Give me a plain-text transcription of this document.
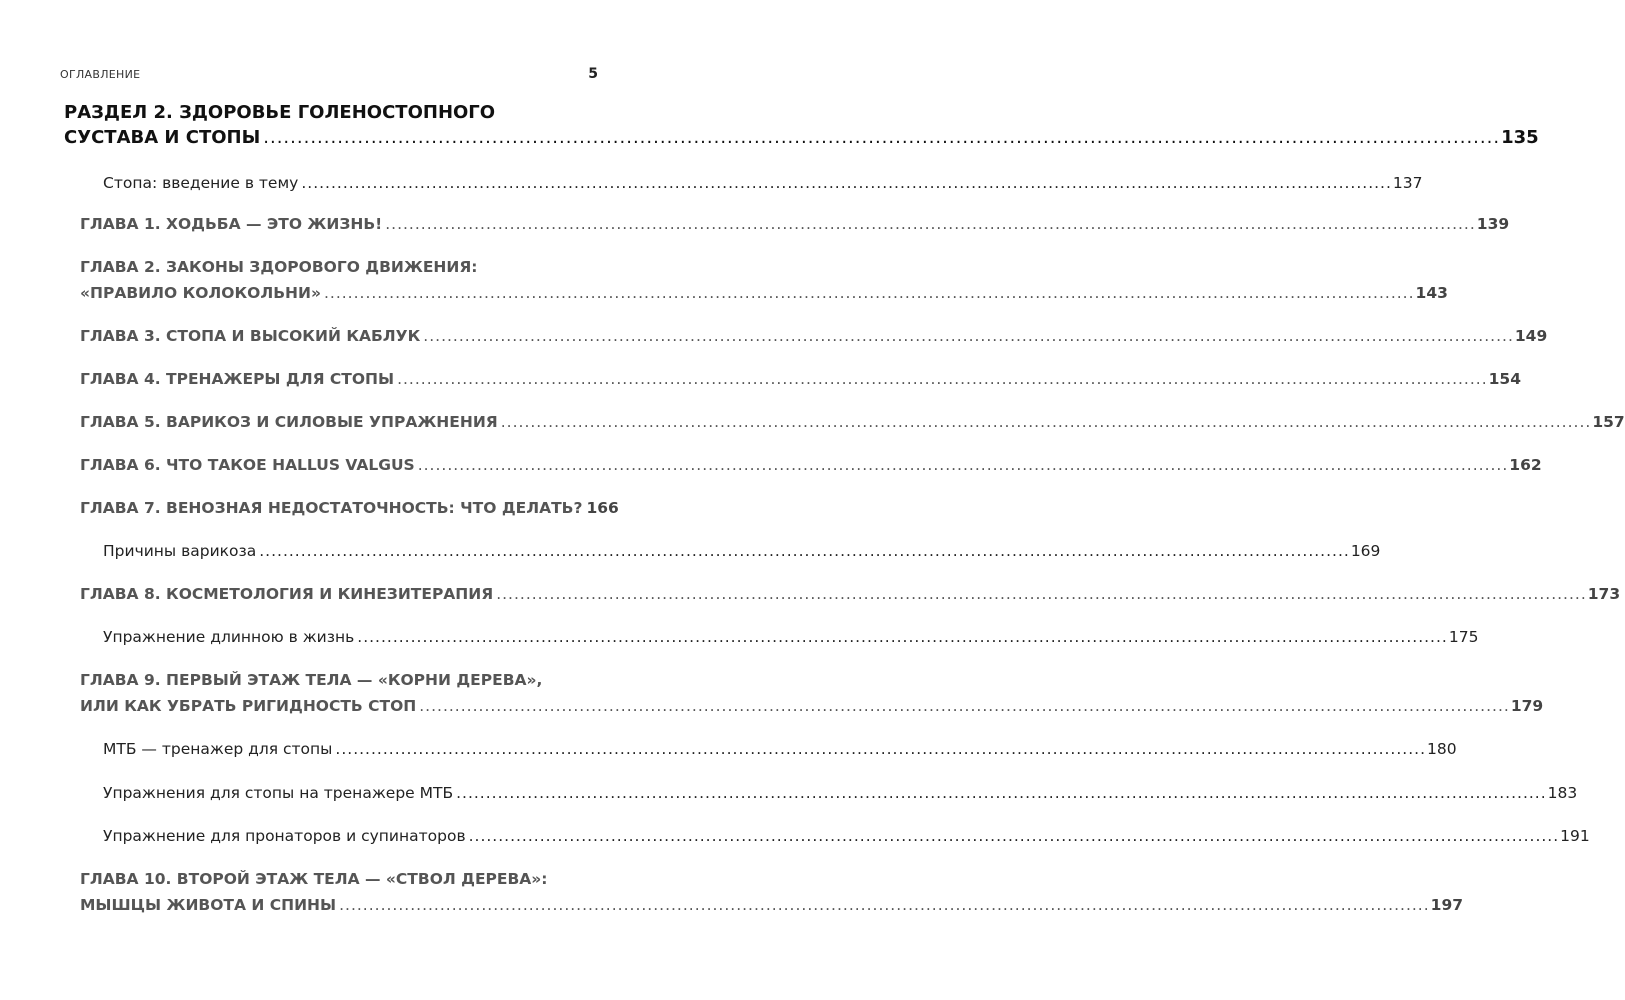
ОГЛАВЛЕНИЕ	5
РАЗДЕЛ 2. ЗДОРОВЬЕ ГОЛЕНОСТОПНОГО
СУСТАВА И СТОПЫ .....	135
Стопа: введение в тему .....	137
ГЛАВА 1. ХОДЬБА — ЭТО ЖИЗНЬ! .....	139
ГЛАВА 2. ЗАКОНЫ ЗДОРОВОГО ДВИЖЕНИЯ:
«ПРАВИЛО КОЛОКОЛЬНИ» .....	143
ГЛАВА 3. СТОПА И ВЫСОКИЙ КАБЛУК .....	149
ГЛАВА 4. ТРЕНАЖЕРЫ ДЛЯ СТОПЫ .....	154
ГЛАВА 5. ВАРИКОЗ И СИЛОВЫЕ УПРАЖНЕНИЯ .....	157
ГЛАВА 6. ЧТО ТАКОЕ HALLUS VALGUS .....	162
ГЛАВА 7. ВЕНОЗНАЯ НЕДОСТАТОЧНОСТЬ: ЧТО ДЕЛАТЬ? 166
Причины варикоза .....	169
ГЛАВА 8. КОСМЕТОЛОГИЯ И КИНЕЗИТЕРАПИЯ .....	173
Упражнение длинною в жизнь .....	175
ГЛАВА 9. ПЕРВЫЙ ЭТАЖ ТЕЛА — «КОРНИ ДЕРЕВА»,
ИЛИ КАК УБРАТЬ РИГИДНОСТЬ СТОП .....	179
МТБ — тренажер для стопы .....	180
Упражнения для стопы на тренажере МТБ .....	183
Упражнение для пронаторов и супинаторов .....	191
ГЛАВА 10. ВТОРОЙ ЭТАЖ ТЕЛА — «СТВОЛ ДЕРЕВА»:
МЫШЦЫ ЖИВОТА И СПИНЫ .....	197
